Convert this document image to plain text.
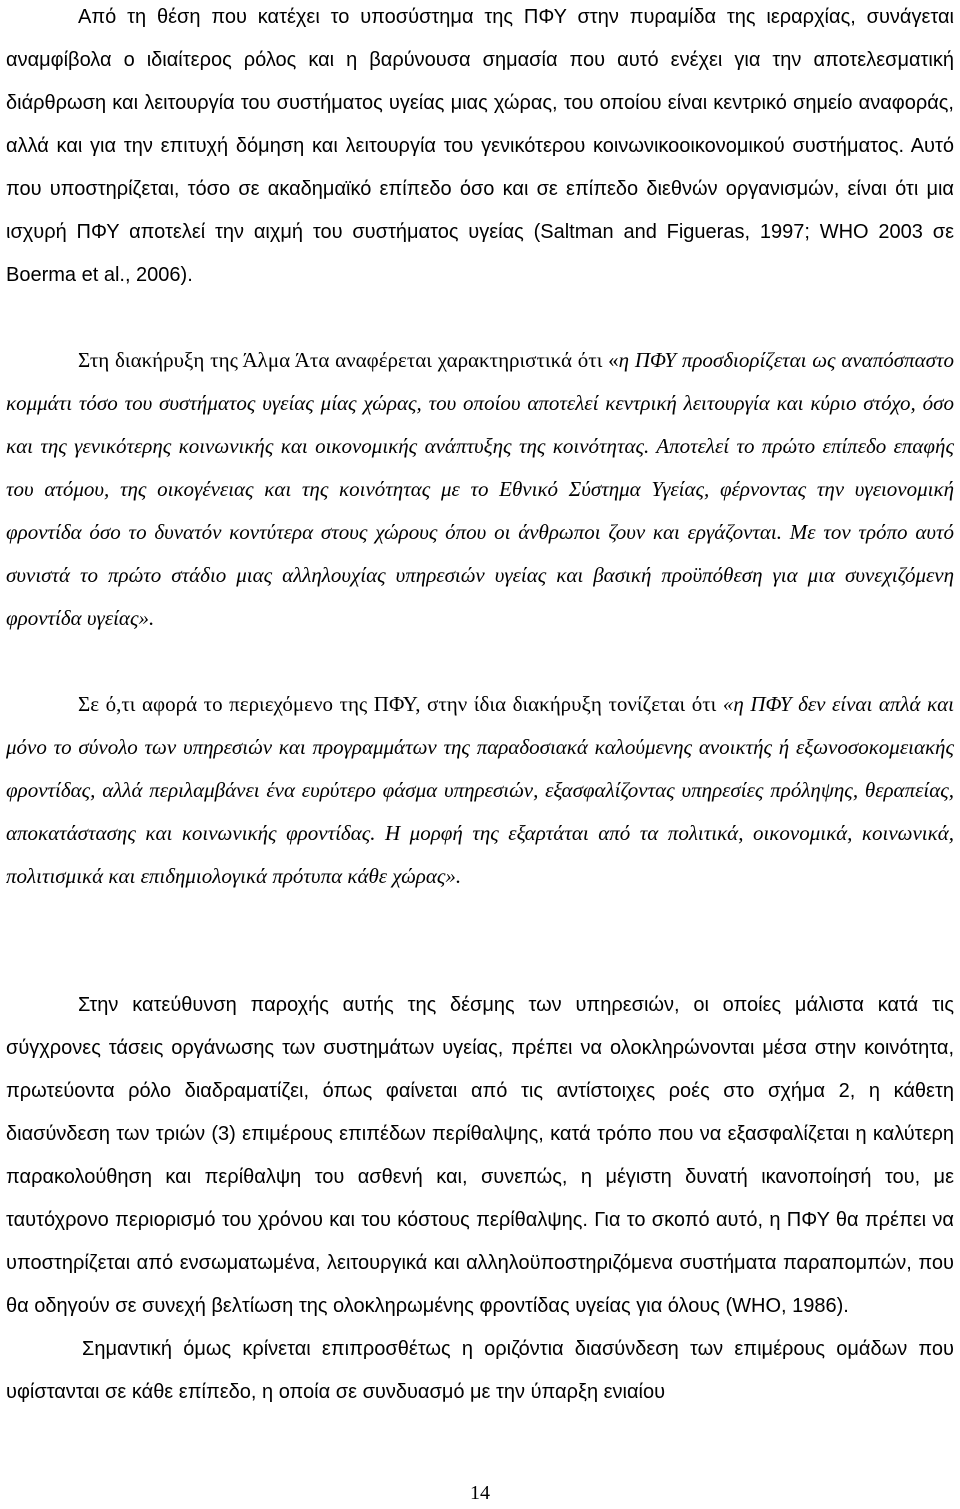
Από τη θέση που κατέχει το υποσύστημα της ΠΦΥ στην πυραμίδα της ιεραρχίας, συνάγεται αναμφίβολα ο ιδιαίτερος ρόλος και η βαρύνουσα σημασία που αυτό ενέχει για την αποτελεσματική διάρθρωση και λειτουργία του συστήματος υγείας μιας χώρας, του οποίου είναι κεντρικό σημείο αναφοράς, αλλά και για την επιτυχή δόμηση και λειτουργία του γενικότερου κοινωνικοοικονομικού συστήματος. Αυτό που υποστηρίζεται, τόσο σε ακαδημαϊκό επίπεδο όσο και σε επίπεδο διεθνών οργανισμών, είναι ότι μια ισχυρή ΠΦΥ αποτελεί την αιχμή του συστήματος υγείας (Saltman and Figueras, 1997; WHO 2003 σε Boerma et al., 2006).

Στη διακήρυξη της Άλμα Άτα αναφέρεται χαρακτηριστικά ότι «η ΠΦΥ προσδιορίζεται ως αναπόσπαστο κομμάτι τόσο του συστήματος υγείας μίας χώρας, του οποίου αποτελεί κεντρική λειτουργία και κύριο στόχο, όσο και της γενικότερης κοινωνικής και οικονομικής ανάπτυξης της κοινότητας. Αποτελεί το πρώτο επίπεδο επαφής του ατόμου, της οικογένειας και της κοινότητας με το Εθνικό Σύστημα Υγείας, φέρνοντας την υγειονομική φροντίδα όσο το δυνατόν κοντύτερα στους χώρους όπου οι άνθρωποι ζουν και εργάζονται. Με τον τρόπο αυτό συνιστά το πρώτο στάδιο μιας αλληλουχίας υπηρεσιών υγείας και βασική προϋπόθεση για μια συνεχιζόμενη φροντίδα υγείας».

Σε ό,τι αφορά το περιεχόμενο της ΠΦΥ, στην ίδια διακήρυξη τονίζεται ότι «η ΠΦΥ δεν είναι απλά και μόνο το σύνολο των υπηρεσιών και προγραμμάτων της παραδοσιακά καλούμενης ανοικτής ή εξωνοσοκομειακής φροντίδας, αλλά περιλαμβάνει ένα ευρύτερο φάσμα υπηρεσιών, εξασφαλίζοντας υπηρεσίες πρόληψης, θεραπείας, αποκατάστασης και κοινωνικής φροντίδας. Η μορφή της εξαρτάται από τα πολιτικά, οικονομικά, κοινωνικά, πολιτισμικά και επιδημιολογικά πρότυπα κάθε χώρας».

Στην κατεύθυνση παροχής αυτής της δέσμης των υπηρεσιών, οι οποίες μάλιστα κατά τις σύγχρονες τάσεις οργάνωσης των συστημάτων υγείας, πρέπει να ολοκληρώνονται μέσα στην κοινότητα, πρωτεύοντα ρόλο διαδραματίζει, όπως φαίνεται από τις αντίστοιχες ροές στο σχήμα 2, η κάθετη διασύνδεση των τριών (3) επιμέρους επιπέδων περίθαλψης, κατά τρόπο που να εξασφαλίζεται η καλύτερη παρακολούθηση και περίθαλψη του ασθενή και, συνεπώς, η μέγιστη δυνατή ικανοποίησή του, με ταυτόχρονο περιορισμό του χρόνου και του κόστους περίθαλψης. Για το σκοπό αυτό, η ΠΦΥ θα πρέπει να υποστηρίζεται από ενσωματωμένα, λειτουργικά και αλληλοϋποστηριζόμενα συστήματα παραπομπών, που θα οδηγούν σε συνεχή βελτίωση της ολοκληρωμένης φροντίδας υγείας για όλους (WHO, 1986).

Σημαντική όμως κρίνεται επιπροσθέτως η οριζόντια διασύνδεση των επιμέρους ομάδων που υφίστανται σε κάθε επίπεδο, η οποία σε συνδυασμό με την ύπαρξη ενιαίου

14
